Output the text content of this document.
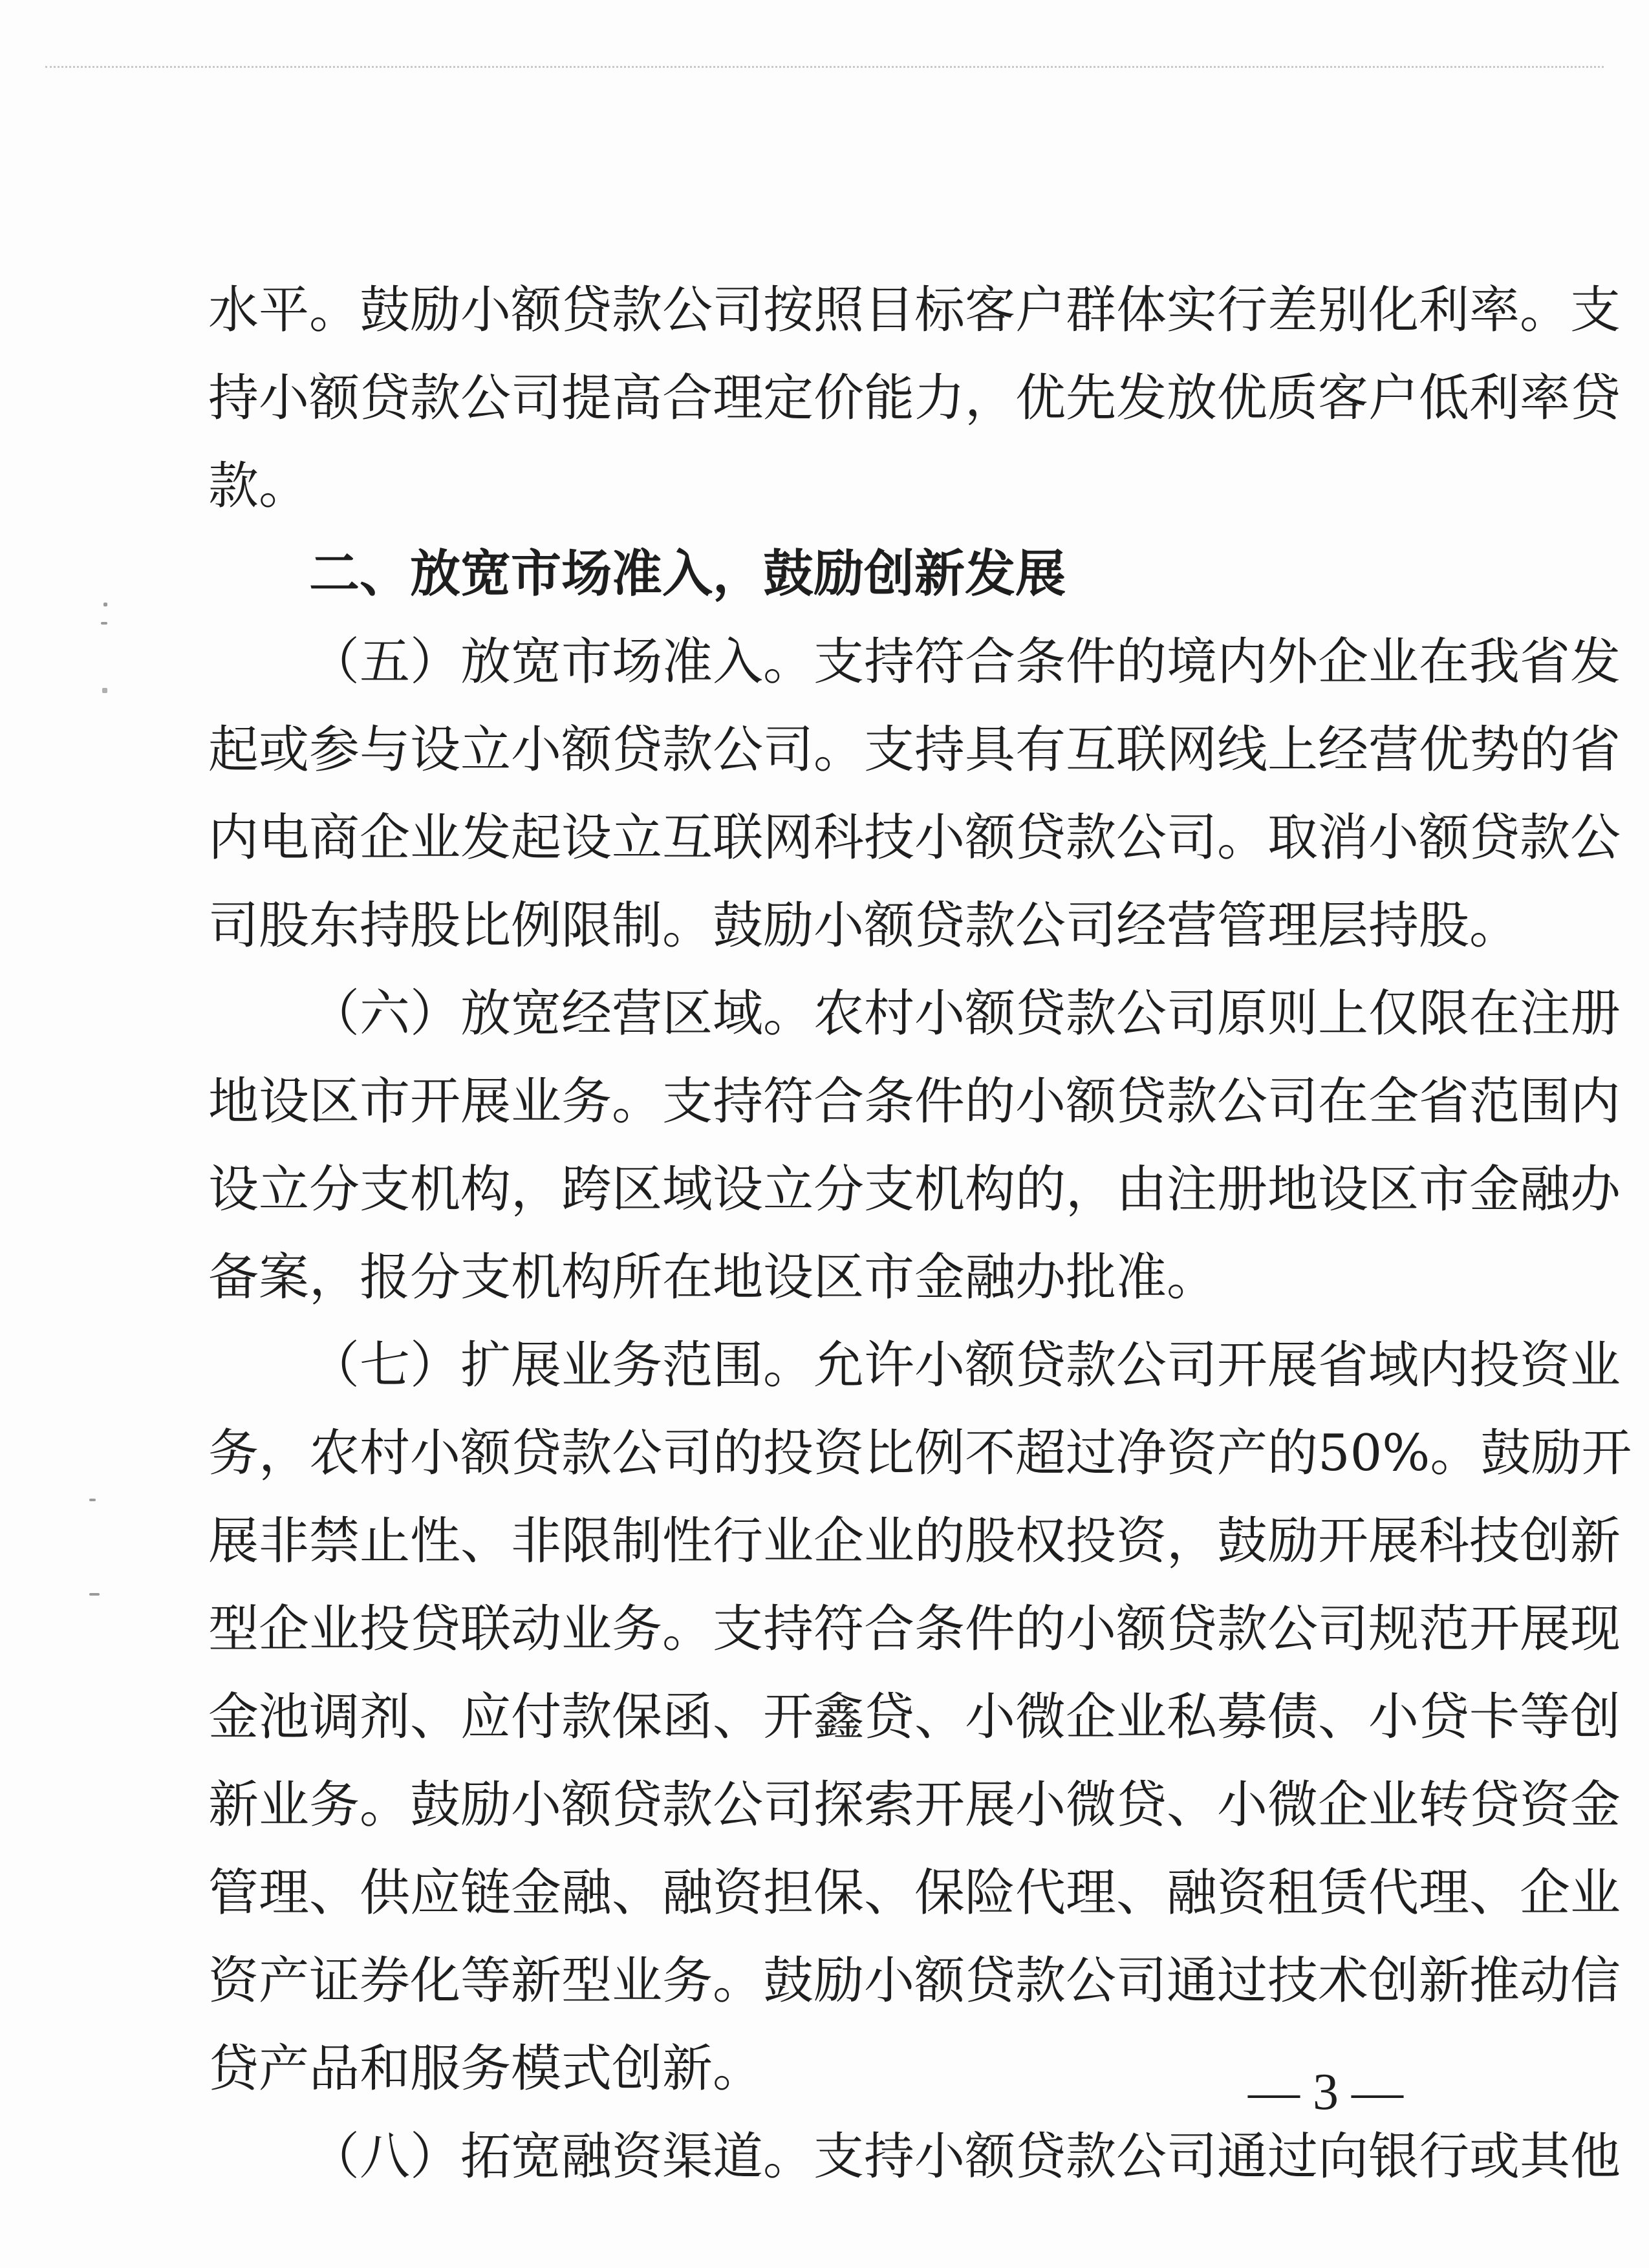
水平。鼓励小额贷款公司按照目标客户群体实行差别化利率。支
持小额贷款公司提高合理定价能力，优先发放优质客户低利率贷
款。
二、放宽市场准入，鼓励创新发展
（五）放宽市场准入。支持符合条件的境内外企业在我省发
起或参与设立小额贷款公司。支持具有互联网线上经营优势的省
内电商企业发起设立互联网科技小额贷款公司。取消小额贷款公
司股东持股比例限制。鼓励小额贷款公司经营管理层持股。
（六）放宽经营区域。农村小额贷款公司原则上仅限在注册
地设区市开展业务。支持符合条件的小额贷款公司在全省范围内
设立分支机构，跨区域设立分支机构的，由注册地设区市金融办
备案，报分支机构所在地设区市金融办批准。
（七）扩展业务范围。允许小额贷款公司开展省域内投资业
务，农村小额贷款公司的投资比例不超过净资产的50%。鼓励开
展非禁止性、非限制性行业企业的股权投资，鼓励开展科技创新
型企业投贷联动业务。支持符合条件的小额贷款公司规范开展现
金池调剂、应付款保函、开鑫贷、小微企业私募债、小贷卡等创
新业务。鼓励小额贷款公司探索开展小微贷、小微企业转贷资金
管理、供应链金融、融资担保、保险代理、融资租赁代理、企业
资产证券化等新型业务。鼓励小额贷款公司通过技术创新推动信
贷产品和服务模式创新。
（八）拓宽融资渠道。支持小额贷款公司通过向银行或其他
— 3 —
